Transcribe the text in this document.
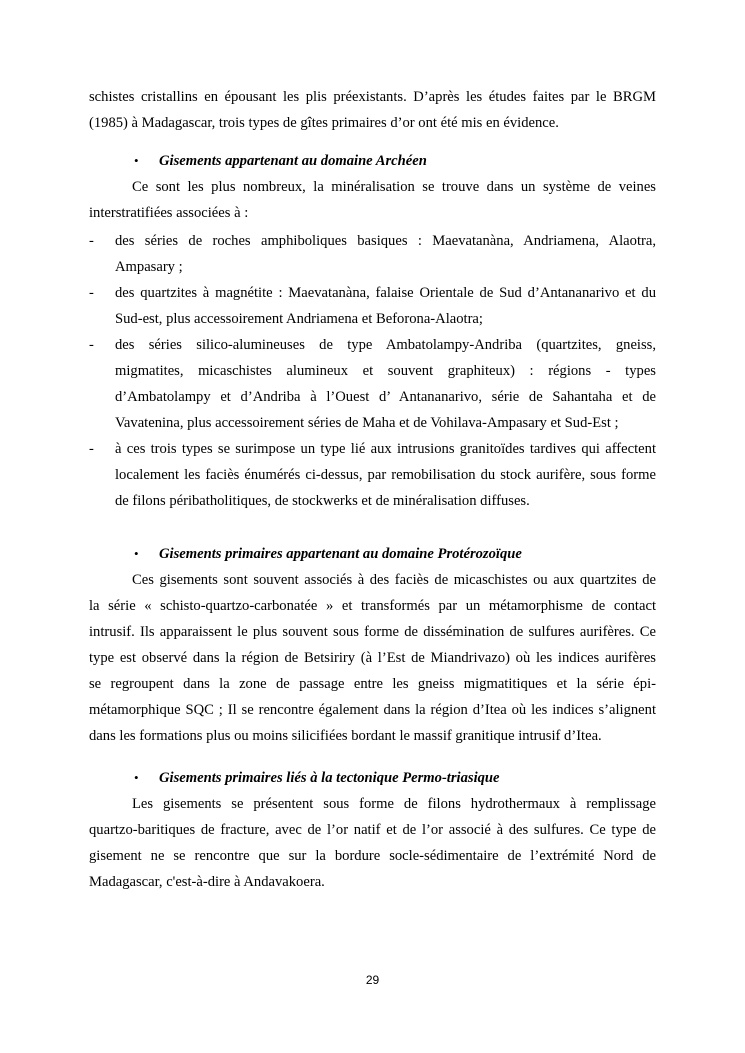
schistes cristallins en épousant les plis préexistants. D’après les études faites par le BRGM
(1985) à Madagascar, trois types de gîtes primaires d’or ont été mis en évidence.
• Gisements appartenant au domaine Archéen
Ce sont les plus nombreux, la minéralisation se trouve dans un système de veines
interstratifiées associées à :
- des séries de roches amphiboliques basiques : Maevatanàna, Andriamena, Alaotra,
Ampasary ;
- des quartzites à magnétite : Maevatanàna, falaise Orientale de Sud d’Antananarivo et du
Sud-est, plus accessoirement Andriamena et Beforona-Alaotra;
- des séries silico-alumineuses de type Ambatolampy-Andriba (quartzites, gneiss,
migmatites, micaschistes alumineux et souvent graphiteux) : régions - types
d’Ambatolampy et d’Andriba à l’Ouest d’ Antananarivo, série de Sahantaha et de
Vavatenina, plus accessoirement séries de Maha et de Vohilava-Ampasary et Sud-Est ;
- à ces trois types se surimpose un type lié aux intrusions granitoïdes tardives qui affectent
localement les faciès énumérés ci-dessus, par remobilisation du stock aurifère, sous forme
de filons péribatholitiques, de stockwerks et de minéralisation diffuses.
• Gisements primaires appartenant au domaine Protérozoïque
Ces gisements sont souvent associés à des faciès de micaschistes ou aux quartzites de
la série « schisto-quartzo-carbonatée » et transformés par un métamorphisme de contact
intrusif. Ils apparaissent le plus souvent sous forme de dissémination de sulfures aurifères. Ce
type est observé dans la région de Betsiriry (à l’Est de Miandrivazo) où les indices aurifères
se regroupent dans la zone de passage entre les gneiss migmatitiques et la série épi-
métamorphique SQC ; Il se rencontre également dans la région d’Itea où les indices s’alignent
dans les formations plus ou moins silicifiées bordant le massif granitique intrusif d’Itea.
• Gisements primaires liés à la tectonique Permo-triasique
Les gisements se présentent sous forme de filons hydrothermaux à remplissage
quartzo-baritiques de fracture, avec de l’or natif et de l’or associé à des sulfures. Ce type de
gisement ne se rencontre que sur la bordure socle-sédimentaire de l’extrémité Nord de
Madagascar, c'est-à-dire à Andavakoera.
29
